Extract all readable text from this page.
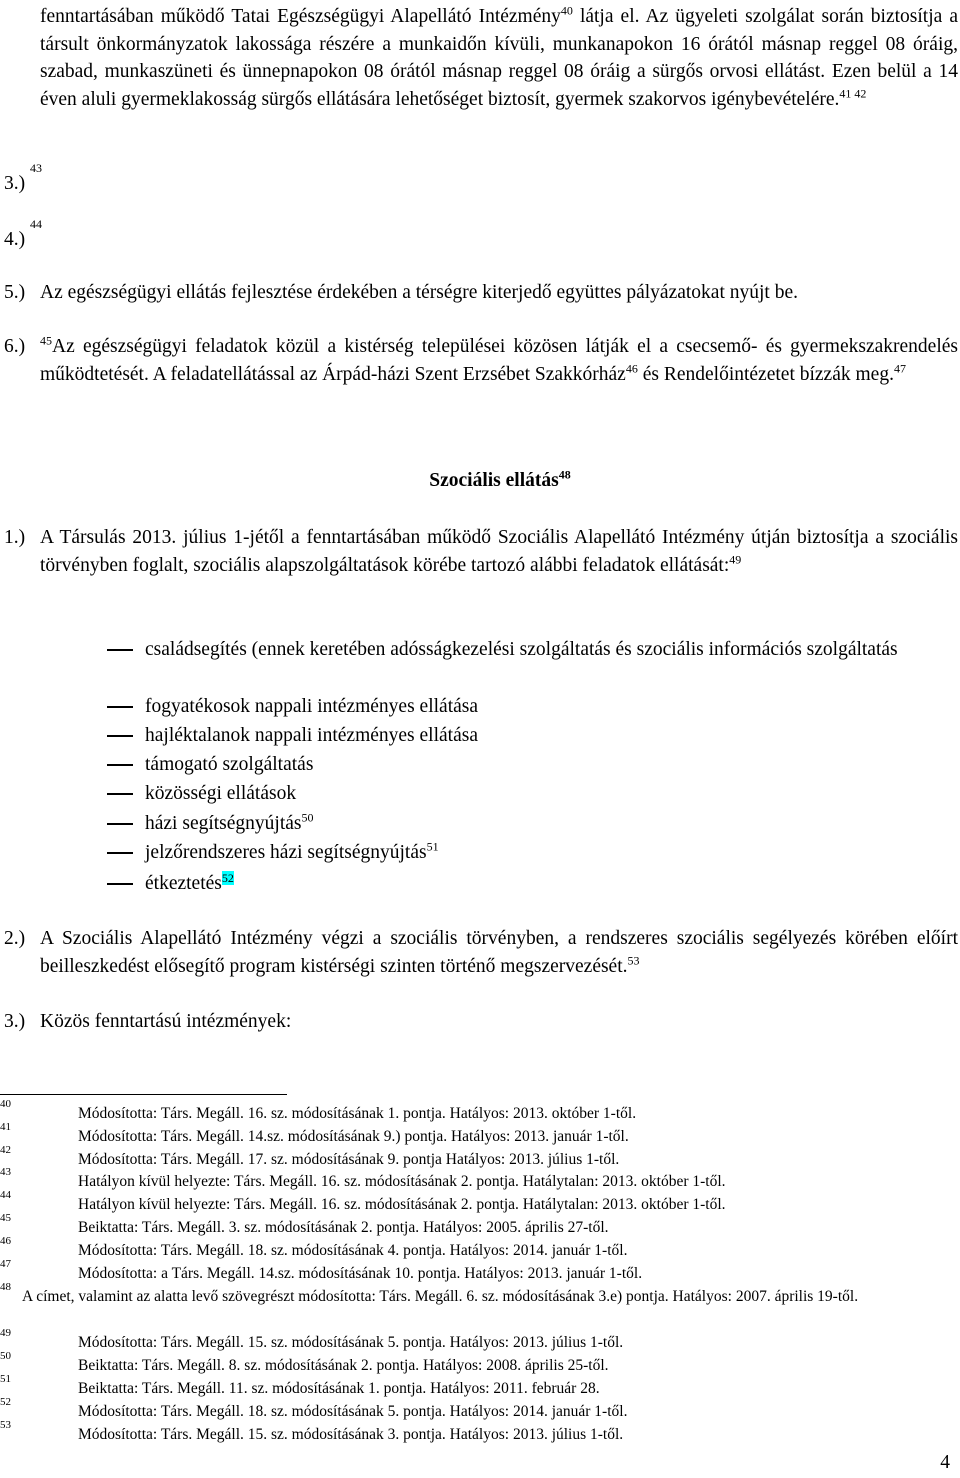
fenntartásában működő Tatai Egészségügyi Alapellátó Intézmény$^{40}$ látja el. Az ügyeleti szolgálat során biztosítja a társult önkormányzatok lakossága részére a munkaidőn kívüli, munkanapokon 16 órától másnap reggel 08 óráig, szabad, munkaszüneti és ünnepnapokon 08 órától másnap reggel 08 óráig a sürgős orvosi ellátást. Ezen belül a 14 éven aluli gyermeklakosság sürgős ellátására lehetőséget biztosít, gyermek szakorvos igénybevételére.$^{41 42}$
3.) $^{43}$
4.) $^{44}$
5.) Az egészségügyi ellátás fejlesztése érdekében a térségre kiterjedő együttes pályázatokat nyújt be.
6.) $^{45}$Az egészségügyi feladatok közül a kistérség települései közösen látják el a csecsemő- és gyermekszakrendelés működtetését. A feladatellátással az Árpád-házi Szent Erzsébet Szakkórház$^{46}$ és Rendelőintézetet bízzák meg.$^{47}$
Szociális ellátás$^{48}$
1.) A Társulás 2013. július 1-jétől a fenntartásában működő Szociális Alapellátó Intézmény útján biztosítja a szociális törvényben foglalt, szociális alapszolgáltatások körébe tartozó alábbi feladatok ellátását:$^{49}$
családsegítés (ennek keretében adósságkezelési szolgáltatás és szociális információs szolgáltatás
fogyatékosok nappali intézményes ellátása
hajléktalanok nappali intézményes ellátása
támogató szolgáltatás
közösségi ellátások
házi segítségnyújtás$^{50}$
jelzőrendszeres házi segítségnyújtás$^{51}$
étkeztetés$^{52}$
2.) A Szociális Alapellátó Intézmény végzi a szociális törvényben, a rendszeres szociális segélyezés körében előírt beilleszkedést elősegítő program kistérségi szinten történő megszervezését.$^{53}$
3.) Közös fenntartású intézmények:
40
Módosította: Társ. Megáll. 16. sz. módosításának 1. pontja. Hatályos: 2013. október 1-től.
41
Módosította: Társ. Megáll. 14.sz. módosításának 9.) pontja. Hatályos: 2013. január 1-től.
42
Módosította: Társ. Megáll. 17. sz. módosításának 9. pontja Hatályos: 2013. július 1-től.
43
Hatályon kívül helyezte: Társ. Megáll. 16. sz. módosításának 2. pontja. Hatálytalan: 2013. október 1-től.
44
Hatályon kívül helyezte: Társ. Megáll. 16. sz. módosításának 2. pontja. Hatálytalan: 2013. október 1-től.
45
Beiktatta: Társ. Megáll. 3. sz. módosításának 2. pontja. Hatályos: 2005. április 27-től.
46
Módosította: Társ. Megáll. 18. sz. módosításának 4. pontja. Hatályos: 2014. január 1-től.
47
Módosította: a Társ. Megáll. 14.sz. módosításának 10. pontja. Hatályos: 2013. január 1-től.
48
A címet, valamint az alatta levő szövegrészt módosította: Társ. Megáll. 6. sz. módosításának 3.e) pontja. Hatályos: 2007. április 19-től.
49
Módosította: Társ. Megáll. 15. sz. módosításának 5. pontja. Hatályos: 2013. július 1-től.
50
Beiktatta: Társ. Megáll. 8. sz. módosításának 2. pontja. Hatályos: 2008. április 25-től.
51
Beiktatta: Társ. Megáll. 11. sz. módosításának 1. pontja. Hatályos: 2011. február 28.
52
Módosította: Társ. Megáll. 18. sz. módosításának 5. pontja. Hatályos: 2014. január 1-től.
53
Módosította: Társ. Megáll. 15. sz. módosításának 3. pontja. Hatályos: 2013. július 1-től.
4
